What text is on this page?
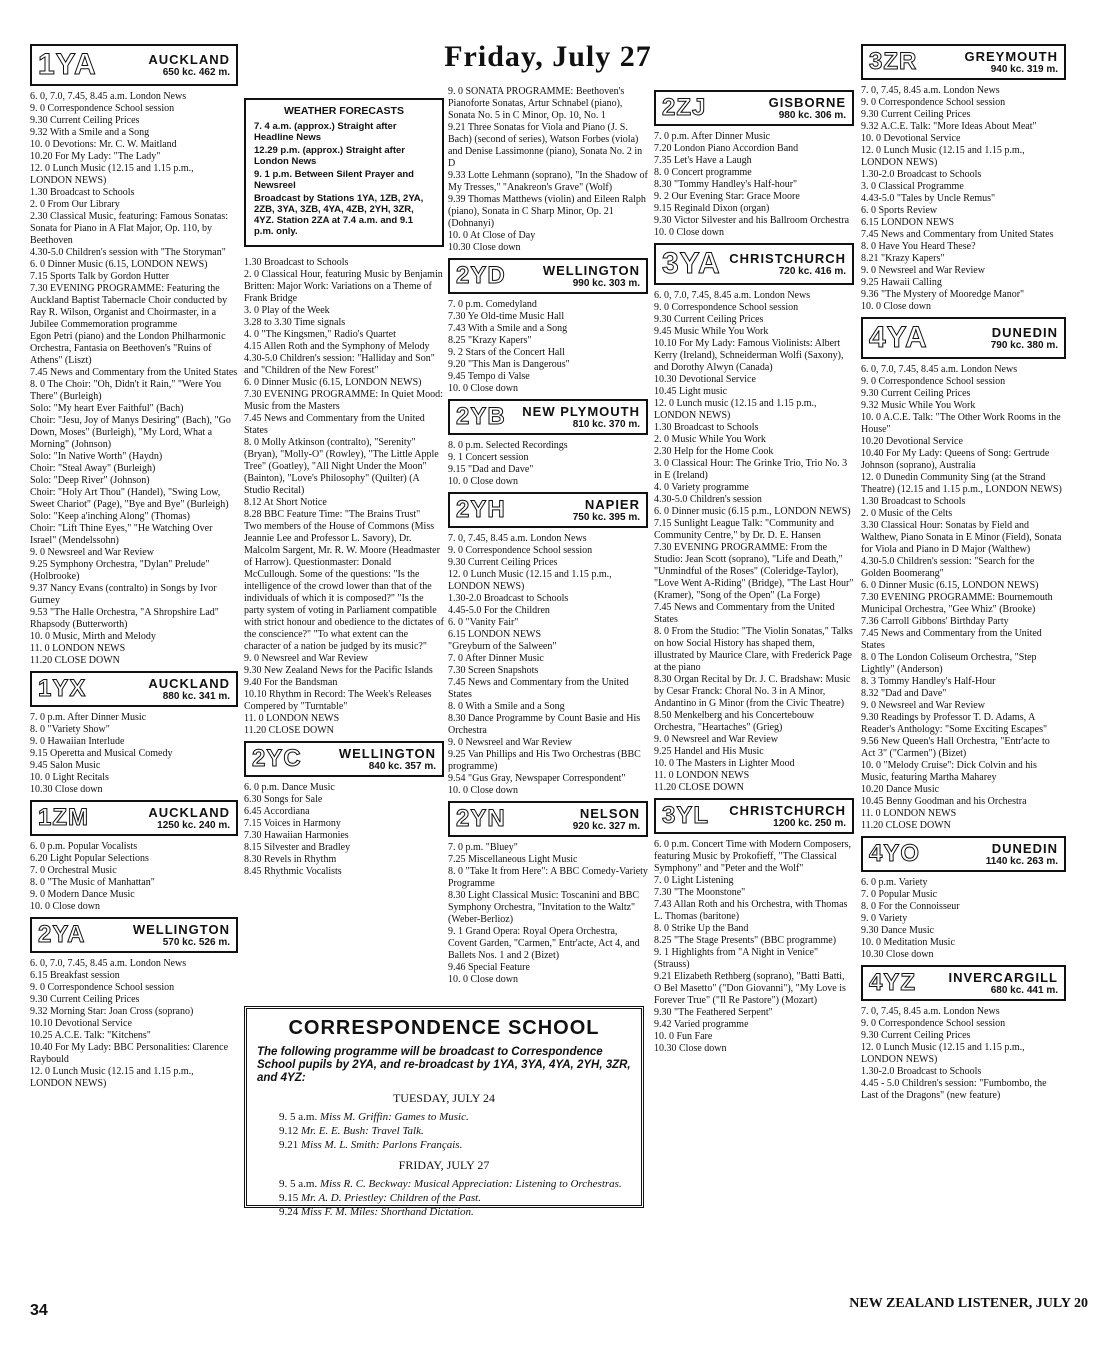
Friday, July 27
1YA	AUCKLAND
650 kc. 462 m.

6. 0, 7.0, 7.45, 8.45 a.m. London News

9. 0 Correspondence School session

9.30 Current Ceiling Prices

9.32 With a Smile and a Song

10. 0 Devotions: Mr. C. W. Maitland

10.20 For My Lady: "The Lady"

12. 0 Lunch Music (12.15 and 1.15 p.m., LONDON NEWS)

1.30 Broadcast to Schools

2. 0 From Our Library

2.30 Classical Music, featuring: Famous Sonatas: Sonata for Piano in A Flat Major, Op. 110, by Beethoven

4.30-5.0 Children's session with "The Storyman"

6. 0 Dinner Music (6.15, LONDON NEWS)

7.15 Sports Talk by Gordon Hutter

7.30 EVENING PROGRAMME: Featuring the Auckland Baptist Tabernacle Choir conducted by Ray R. Wilson, Organist and Choirmaster, in a Jubilee Commemoration programme

Egon Petri (piano) and the London Philharmonic Orchestra, Fantasia on Beethoven's "Ruins of Athens" (Liszt)

7.45 News and Commentary from the United States

8. 0 The Choir: "Oh, Didn't it Rain," "Were You There" (Burleigh)

Solo: "My heart Ever Faithful" (Bach)

Choir: "Jesu, Joy of Manys Desiring" (Bach), "Go Down, Moses" (Burleigh), "My Lord, What a Morning" (Johnson)

Solo: "In Native Worth" (Haydn)

Choir: "Steal Away" (Burleigh)

Solo: "Deep River" (Johnson)

Choir: "Holy Art Thou" (Handel), "Swing Low, Sweet Chariot" (Page), "Bye and Bye" (Burleigh)

Solo: "Keep a'inching Along" (Thomas)

Choir: "Lift Thine Eyes," "He Watching Over Israel" (Mendelssohn)

9. 0 Newsreel and War Review

9.25 Symphony Orchestra, "Dylan" Prelude" (Holbrooke)

9.37 Nancy Evans (contralto) in Songs by Ivor Gurney

9.53 "The Halle Orchestra, "A Shropshire Lad" Rhapsody (Butterworth)

10. 0 Music, Mirth and Melody

11. 0 LONDON NEWS

11.20 CLOSE DOWN

1YX	AUCKLAND
880 kc. 341 m.

7. 0 p.m. After Dinner Music

8. 0 "Variety Show"

9. 0 Hawaiian Interlude

9.15 Operetta and Musical Comedy

9.45 Salon Music

10. 0 Light Recitals

10.30 Close down

1ZM	AUCKLAND
1250 kc. 240 m.

6. 0 p.m. Popular Vocalists

6.20 Light Popular Selections

7. 0 Orchestral Music

8. 0 "The Music of Manhattan"

9. 0 Modern Dance Music

10. 0 Close down

2YA	WELLINGTON
570 kc. 526 m.

6. 0, 7.0, 7.45, 8.45 a.m. London News

6.15 Breakfast session

9. 0 Correspondence School session

9.30 Current Ceiling Prices

9.32 Morning Star: Joan Cross (soprano)

10.10 Devotional Service

10.25 A.C.E. Talk: "Kitchens"

10.40 For My Lady: BBC Personalities: Clarence Raybould

12. 0 Lunch Music (12.15 and 1.15 p.m., LONDON NEWS)

WEATHER FORECASTS

7. 4 a.m. (approx.) Straight after Headline News

12.29 p.m. (approx.) Straight after London News

9. 1 p.m. Between Silent Prayer and Newsreel

Broadcast by Stations 1YA, 1ZB, 2YA, 2ZB, 3YA, 3ZB, 4YA, 4ZB, 2YH, 3ZR, 4YZ. Station 2ZA at 7.4 a.m. and 9.1 p.m. only.

1.30 Broadcast to Schools

2. 0 Classical Hour, featuring Music by Benjamin Britten: Major Work: Variations on a Theme of Frank Bridge

3. 0 Play of the Week

3.28 to 3.30 Time signals

4. 0 "The Kingsmen," Radio's Quartet

4.15 Allen Roth and the Symphony of Melody

4.30-5.0 Children's session: "Halliday and Son" and "Children of the New Forest"

6. 0 Dinner Music (6.15, LONDON NEWS)

7.30 EVENING PROGRAMME: In Quiet Mood: Music from the Masters

7.45 News and Commentary from the United States

8. 0 Molly Atkinson (contralto), "Serenity" (Bryan), "Molly-O" (Rowley), "The Little Apple Tree" (Goatley), "All Night Under the Moon" (Bainton), "Love's Philosophy" (Quilter) (A Studio Recital)

8.12 At Short Notice

8.28 BBC Feature Time: "The Brains Trust"

Two members of the House of Commons (Miss Jeannie Lee and Professor L. Savory), Dr. Malcolm Sargent, Mr. R. W. Moore (Headmaster of Harrow). Questionmaster: Donald McCullough. Some of the questions: "Is the intelligence of the crowd lower than that of the individuals of which it is composed?" "Is the party system of voting in Parliament compatible with strict honour and obedience to the dictates of the conscience?" "To what extent can the character of a nation be judged by its music?"

9. 0 Newsreel and War Review

9.30 New Zealand News for the Pacific Islands

9.40 For the Bandsman

10.10 Rhythm in Record: The Week's Releases Compered by "Turntable"

11. 0 LONDON NEWS

11.20 CLOSE DOWN

2YC	WELLINGTON
840 kc. 357 m.

6. 0 p.m. Dance Music

6.30 Songs for Sale

6.45 Accordiana

7.15 Voices in Harmony

7.30 Hawaiian Harmonies

8.15 Silvester and Bradley

8.30 Revels in Rhythm

8.45 Rhythmic Vocalists

9. 0 SONATA PROGRAMME: Beethoven's Pianoforte Sonatas, Artur Schnabel (piano), Sonata No. 5 in C Minor, Op. 10, No. 1

9.21 Three Sonatas for Viola and Piano (J. S. Bach) (second of series), Watson Forbes (viola) and Denise Lassimonne (piano), Sonata No. 2 in D

9.33 Lotte Lehmann (soprano), "In the Shadow of My Tresses," "Anakreon's Grave" (Wolf)

9.39 Thomas Matthews (violin) and Eileen Ralph (piano), Sonata in C Sharp Minor, Op. 21 (Dohnanyi)

10. 0 At Close of Day

10.30 Close down

2YD	WELLINGTON
990 kc. 303 m.

7. 0 p.m. Comedyland

7.30 Ye Old-time Music Hall

7.43 With a Smile and a Song

8.25 "Krazy Kapers"

9. 2 Stars of the Concert Hall

9.20 "This Man is Dangerous"

9.45 Tempo di Valse

10. 0 Close down

2YB	NEW PLYMOUTH
810 kc. 370 m.

8. 0 p.m. Selected Recordings

9. 1 Concert session

9.15 "Dad and Dave"

10. 0 Close down

2YH	NAPIER
750 kc. 395 m.

7. 0, 7.45, 8.45 a.m. London News

9. 0 Correspondence School session

9.30 Current Ceiling Prices

12. 0 Lunch Music (12.15 and 1.15 p.m., LONDON NEWS)

1.30-2.0 Broadcast to Schools

4.45-5.0 For the Children

6. 0 "Vanity Fair"

6.15 LONDON NEWS

"Greyburn of the Salween"

7. 0 After Dinner Music

7.30 Screen Snapshots

7.45 News and Commentary from the United States

8. 0 With a Smile and a Song

8.30 Dance Programme by Count Basie and His Orchestra

9. 0 Newsreel and War Review

9.25 Van Phillips and His Two Orchestras (BBC programme)

9.54 "Gus Gray, Newspaper Correspondent"

10. 0 Close down

2YN	NELSON
920 kc. 327 m.

7. 0 p.m. "Bluey"

7.25 Miscellaneous Light Music

8. 0 "Take It from Here": A BBC Comedy-Variety Programme

8.30 Light Classical Music: Toscanini and BBC Symphony Orchestra, "Invitation to the Waltz" (Weber-Berlioz)

9. 1 Grand Opera: Royal Opera Orchestra, Covent Garden, "Carmen," Entr'acte, Act 4, and Ballets Nos. 1 and 2 (Bizet)

9.46 Special Feature

10. 0 Close down

2ZJ	GISBORNE
980 kc. 306 m.

7. 0 p.m. After Dinner Music

7.20 London Piano Accordion Band

7.35 Let's Have a Laugh

8. 0 Concert programme

8.30 "Tommy Handley's Half-hour"

9. 2 Our Evening Star: Grace Moore

9.15 Reginald Dixon (organ)

9.30 Victor Silvester and his Ballroom Orchestra

10. 0 Close down

3YA CHRISTCHURCH
720 kc. 416 m.

6. 0, 7.0, 7.45, 8.45 a.m. London News

9. 0 Correspondence School session

9.30 Current Ceiling Prices

9.45 Music While You Work

10.10 For My Lady: Famous Violinists: Albert Kerry (Ireland), Schneiderman Wolfi (Saxony), and Dorothy Alwyn (Canada)

10.30 Devotional Service

10.45 Light music

12. 0 Lunch music (12.15 and 1.15 p.m., LONDON NEWS)

1.30 Broadcast to Schools

2. 0 Music While You Work

2.30 Help for the Home Cook

3. 0 Classical Hour: The Grinke Trio, Trio No. 3 in E (Ireland)

4. 0 Variety programme

4.30-5.0 Children's session

6. 0 Dinner music (6.15 p.m., LONDON NEWS)

7.15 Sunlight League Talk: "Community and Community Centre," by Dr. D. E. Hansen

7.30 EVENING PROGRAMME: From the Studio: Jean Scott (soprano), "Life and Death," "Unmindful of the Roses" (Coleridge-Taylor), "Love Went A-Riding" (Bridge), "The Last Hour" (Kramer), "Song of the Open" (La Forge)

7.45 News and Commentary from the United States

8. 0 From the Studio: "The Violin Sonatas," Talks on how Social History has shaped them, illustrated by Maurice Clare, with Frederick Page at the piano

8.30 Organ Recital by Dr. J. C. Bradshaw: Music by Cesar Franck: Choral No. 3 in A Minor, Andantino in G Minor (from the Civic Theatre)

8.50 Menkelberg and his Concertebouw Orchestra, "Heartaches" (Grieg)

9. 0 Newsreel and War Review

9.25 Handel and His Music

10. 0 The Masters in Lighter Mood

11. 0 LONDON NEWS

11.20 CLOSE DOWN

3YL	CHRISTCHURCH
1200 kc. 250 m.

6. 0 p.m. Concert Time with Modern Composers, featuring Music by Prokofieff, "The Classical Symphony" and "Peter and the Wolf"

7. 0 Light Listening

7.30 "The Moonstone"

7.43 Allan Roth and his Orchestra, with Thomas L. Thomas (baritone)

8. 0 Strike Up the Band

8.25 "The Stage Presents" (BBC programme)

9. 1 Highlights from "A Night in Venice" (Strauss)

9.21 Elizabeth Rethberg (soprano), "Batti Batti, O Bel Masetto" ("Don Giovanni"), "My Love is Forever True" ("Il Re Pastore") (Mozart)

9.30 "The Feathered Serpent"

9.42 Varied programme

10. 0 Fun Fare

10.30 Close down

3ZR	GREYMOUTH
940 kc. 319 m.

7. 0, 7.45, 8.45 a.m. London News

9. 0 Correspondence School session

9.30 Current Ceiling Prices

9.32 A.C.E. Talk: "More Ideas About Meat"

10. 0 Devotional Service

12. 0 Lunch Music (12.15 and 1.15 p.m., LONDON NEWS)

1.30-2.0 Broadcast to Schools

3. 0 Classical Programme

4.43-5.0 "Tales by Uncle Remus"

6. 0 Sports Review

6.15 LONDON NEWS

7.45 News and Commentary from United States

8. 0 Have You Heard These?

8.21 "Krazy Kapers"

9. 0 Newsreel and War Review

9.25 Hawaii Calling

9.36 "The Mystery of Mooredge Manor"

10. 0 Close down

4YA	DUNEDIN
790 kc. 380 m.

6. 0, 7.0, 7.45, 8.45 a.m. London News

9. 0 Correspondence School session

9.30 Current Ceiling Prices

9.32 Music While You Work

10. 0 A.C.E. Talk: "The Other Work Rooms in the House"

10.20 Devotional Service

10.40 For My Lady: Queens of Song: Gertrude Johnson (soprano), Australia

12. 0 Dunedin Community Sing (at the Strand Theatre) (12.15 and 1.15 p.m., LONDON NEWS)

1.30 Broadcast to Schools

2. 0 Music of the Celts

3.30 Classical Hour: Sonatas by Field and Walthew, Piano Sonata in E Minor (Field), Sonata for Viola and Piano in D Major (Walthew)

4.30-5.0 Children's session: "Search for the Golden Boomerang"

6. 0 Dinner Music (6.15, LONDON NEWS)

7.30 EVENING PROGRAMME: Bournemouth Municipal Orchestra, "Gee Whiz" (Brooke)

7.36 Carroll Gibbons' Birthday Party

7.45 News and Commentary from the United States

8. 0 The London Coliseum Orchestra, "Step Lightly" (Anderson)

8. 3 Tommy Handley's Half-Hour

8.32 "Dad and Dave"

9. 0 Newsreel and War Review

9.30 Readings by Professor T. D. Adams, A Reader's Anthology: "Some Exciting Escapes"

9.56 New Queen's Hall Orchestra, "Entr'acte to Act 3" ("Carmen") (Bizet)

10. 0 "Melody Cruise": Dick Colvin and his Music, featuring Martha Maharey

10.20 Dance Music

10.45 Benny Goodman and his Orchestra

11. 0 LONDON NEWS

11.20 CLOSE DOWN

4YO	DUNEDIN
1140 kc. 263 m.

6. 0 p.m. Variety

7. 0 Popular Music

8. 0 For the Connoisseur

9. 0 Variety

9.30 Dance Music

10. 0 Meditation Music

10.30 Close down

4YZ	INVERCARGILL
680 kc. 441 m.

7. 0, 7.45, 8.45 a.m. London News

9. 0 Correspondence School session

9.30 Current Ceiling Prices

12. 0 Lunch Music (12.15 and 1.15 p.m., LONDON NEWS)

1.30-2.0 Broadcast to Schools

4.45 - 5.0 Children's session: "Fumbombo, the Last of the Dragons" (new feature)

CORRESPONDENCE SCHOOL
The following programme will be broadcast to Correspondence School pupils by 2YA, and re-broadcast by 1YA, 3YA, 4YA, 2YH, 3ZR, and 4YZ:
TUESDAY, JULY 24
9. 5 a.m. Miss M. Griffin: Games to Music.
9.12 Mr. E. E. Bush: Travel Talk.
9.21 Miss M. L. Smith: Parlons Français.
FRIDAY, JULY 27
9. 5 a.m. Miss R. C. Beckway: Musical Appreciation: Listening to Orchestras.
9.15 Mr. A. D. Priestley: Children of the Past.
9.24 Miss F. M. Miles: Shorthand Dictation.
34	NEW ZEALAND LISTENER, JULY 20
